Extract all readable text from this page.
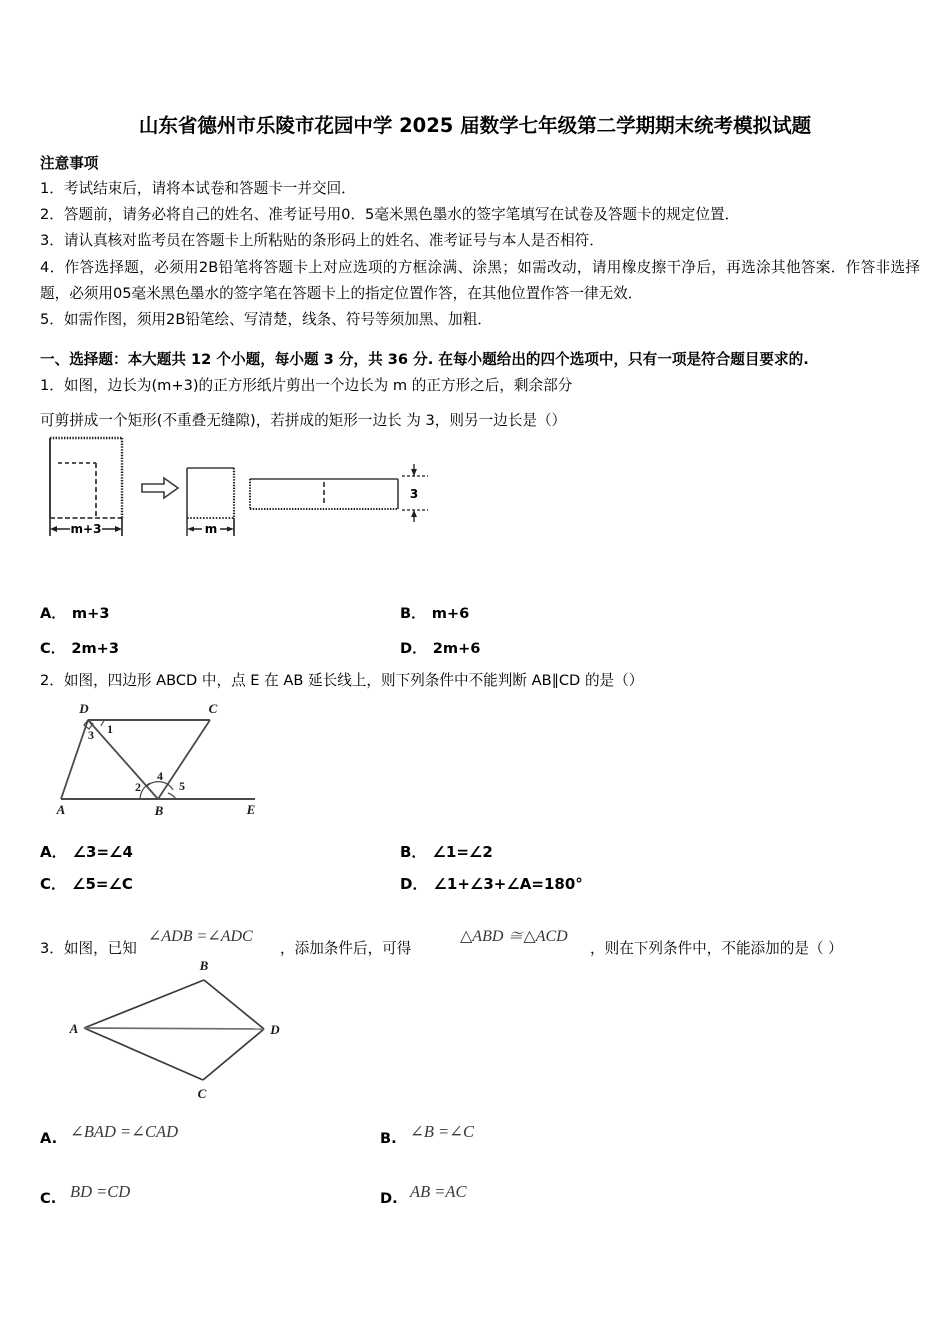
山东省德州市乐陵市花园中学 2025 届数学七年级第二学期期末统考模拟试题
注意事项

1．考试结束后，请将本试卷和答题卡一并交回．

2．答题前，请务必将自己的姓名、准考证号用0．5毫米黑色墨水的签字笔填写在试卷及答题卡的规定位置．

3．请认真核对监考员在答题卡上所粘贴的条形码上的姓名、准考证号与本人是否相符．

4．作答选择题，必须用2B铅笔将答题卡上对应选项的方框涂满、涂黑；如需改动，请用橡皮擦干净后，再选涂其他答案．作答非选择题，必须用05毫米黑色墨水的签字笔在答题卡上的指定位置作答，在其他位置作答一律无效．

5．如需作图，须用2B铅笔绘、写清楚，线条、符号等须加黑、加粗．

一、选择题：本大题共 12 个小题，每小题 3 分，共 36 分. 在每小题给出的四个选项中，只有一项是符合题目要求的.
1．如图，边长为(m+3)的正方形纸片剪出一个边长为 m 的正方形之后，剩余部分
可剪拼成一个矩形(不重叠无缝隙)，若拼成的矩形一边长 为 3，则另一边长是（）
m+3	m
3
A． m+3	B． m+6
C． 2m+3	D． 2m+6
2．如图，四边形 ABCD 中，点 E 在 AB 延长线上，则下列条件中不能判断 AB∥CD 的是（）
D	C
A	B	E
1
2
3
4
5
A． ∠3=∠4	B． ∠1=∠2
C． ∠5=∠C	D． ∠1+∠3+∠A=180°
3．如图，已知
∠ADB =∠ADC
，添加条件后，可得
△ABD ≅△ACD
，则在下列条件中，不能添加的是（ ）
B
A	D
C
A. ∠BAD =∠CAD	B. ∠B =∠C
C. BD =CD	D. AB =AC
